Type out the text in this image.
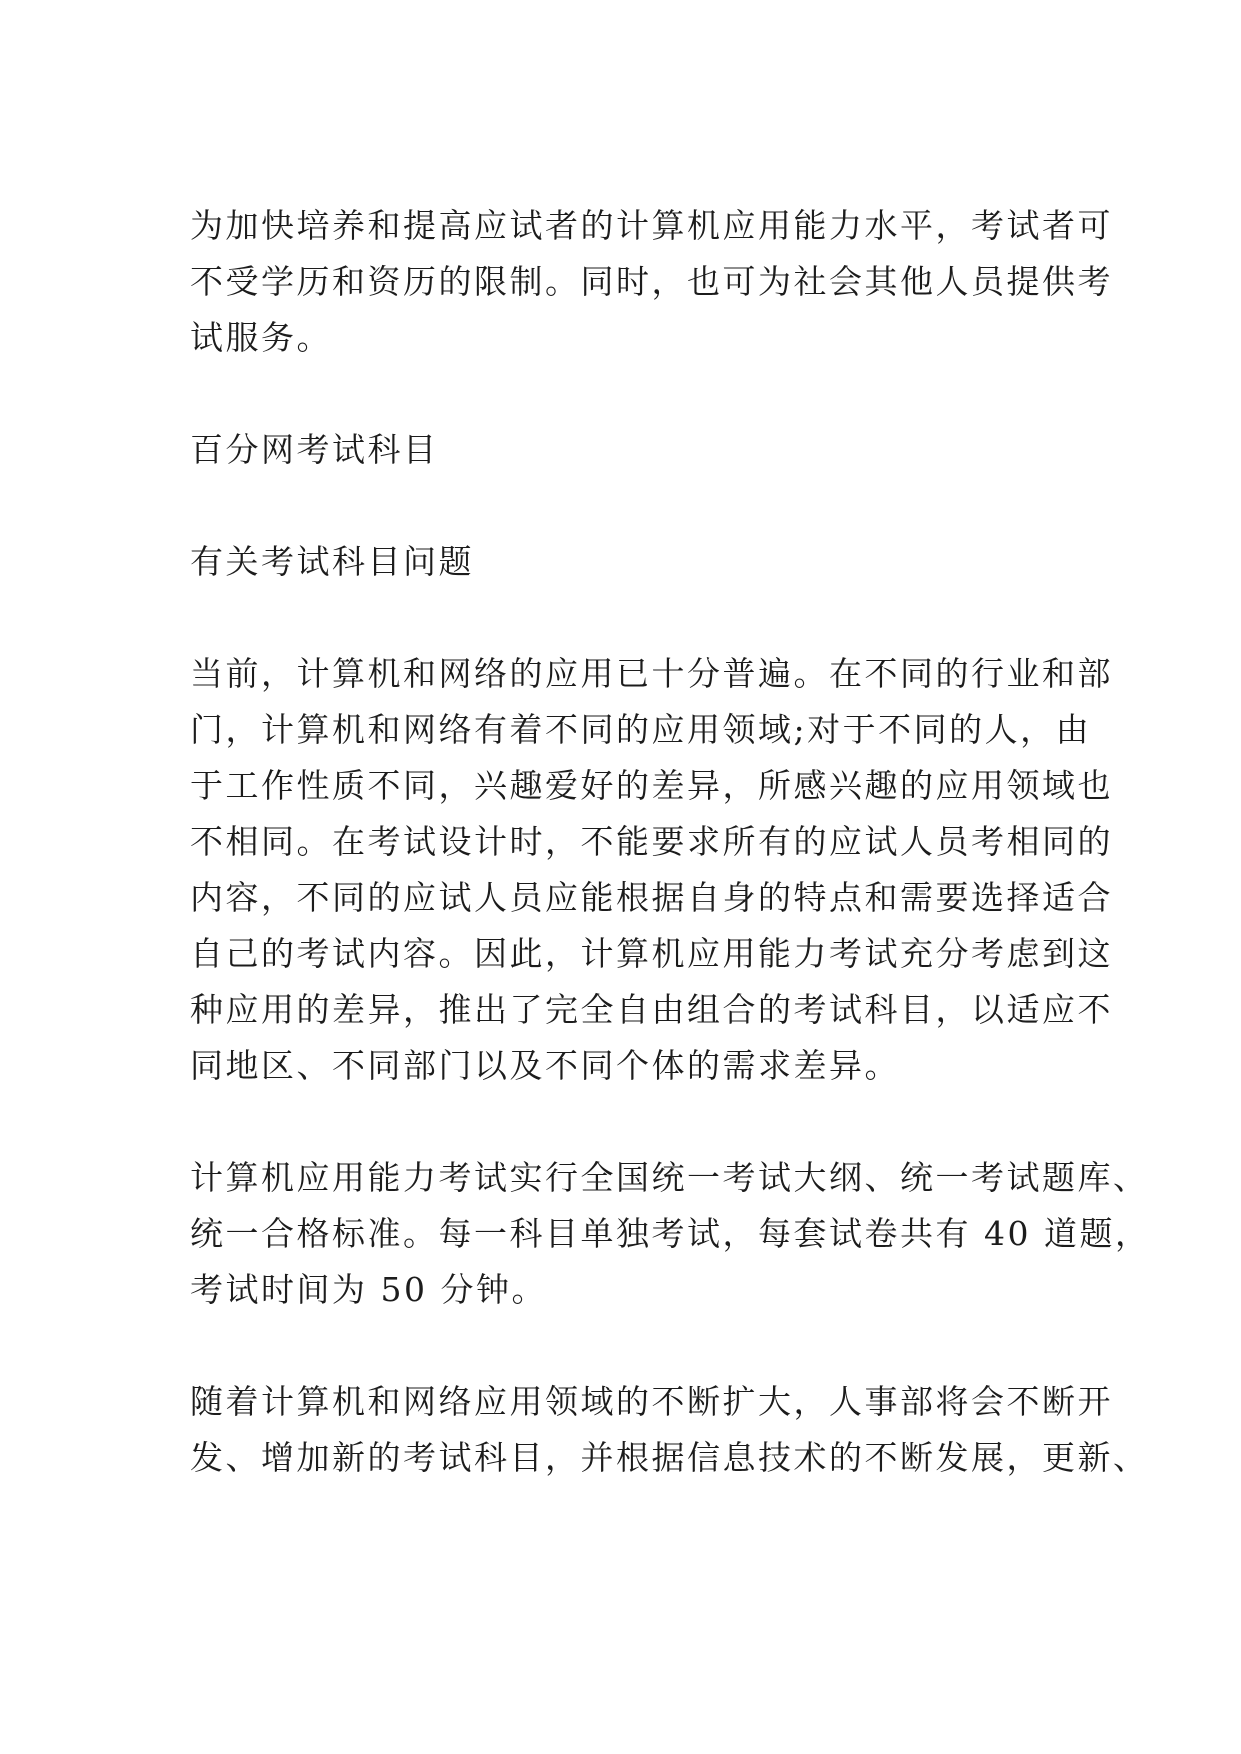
为加快培养和提高应试者的计算机应用能力水平，考试者可
不受学历和资历的限制。同时，也可为社会其他人员提供考
试服务。

百分网考试科目

有关考试科目问题

当前，计算机和网络的应用已十分普遍。在不同的行业和部
门，计算机和网络有着不同的应用领域;对于不同的人，由
于工作性质不同，兴趣爱好的差异，所感兴趣的应用领域也
不相同。在考试设计时，不能要求所有的应试人员考相同的
内容，不同的应试人员应能根据自身的特点和需要选择适合
自己的考试内容。因此，计算机应用能力考试充分考虑到这
种应用的差异，推出了完全自由组合的考试科目，以适应不
同地区、不同部门以及不同个体的需求差异。

计算机应用能力考试实行全国统一考试大纲、统一考试题库、
统一合格标准。每一科目单独考试，每套试卷共有 40 道题，
考试时间为 50 分钟。

随着计算机和网络应用领域的不断扩大，人事部将会不断开
发、增加新的考试科目，并根据信息技术的不断发展，更新、
